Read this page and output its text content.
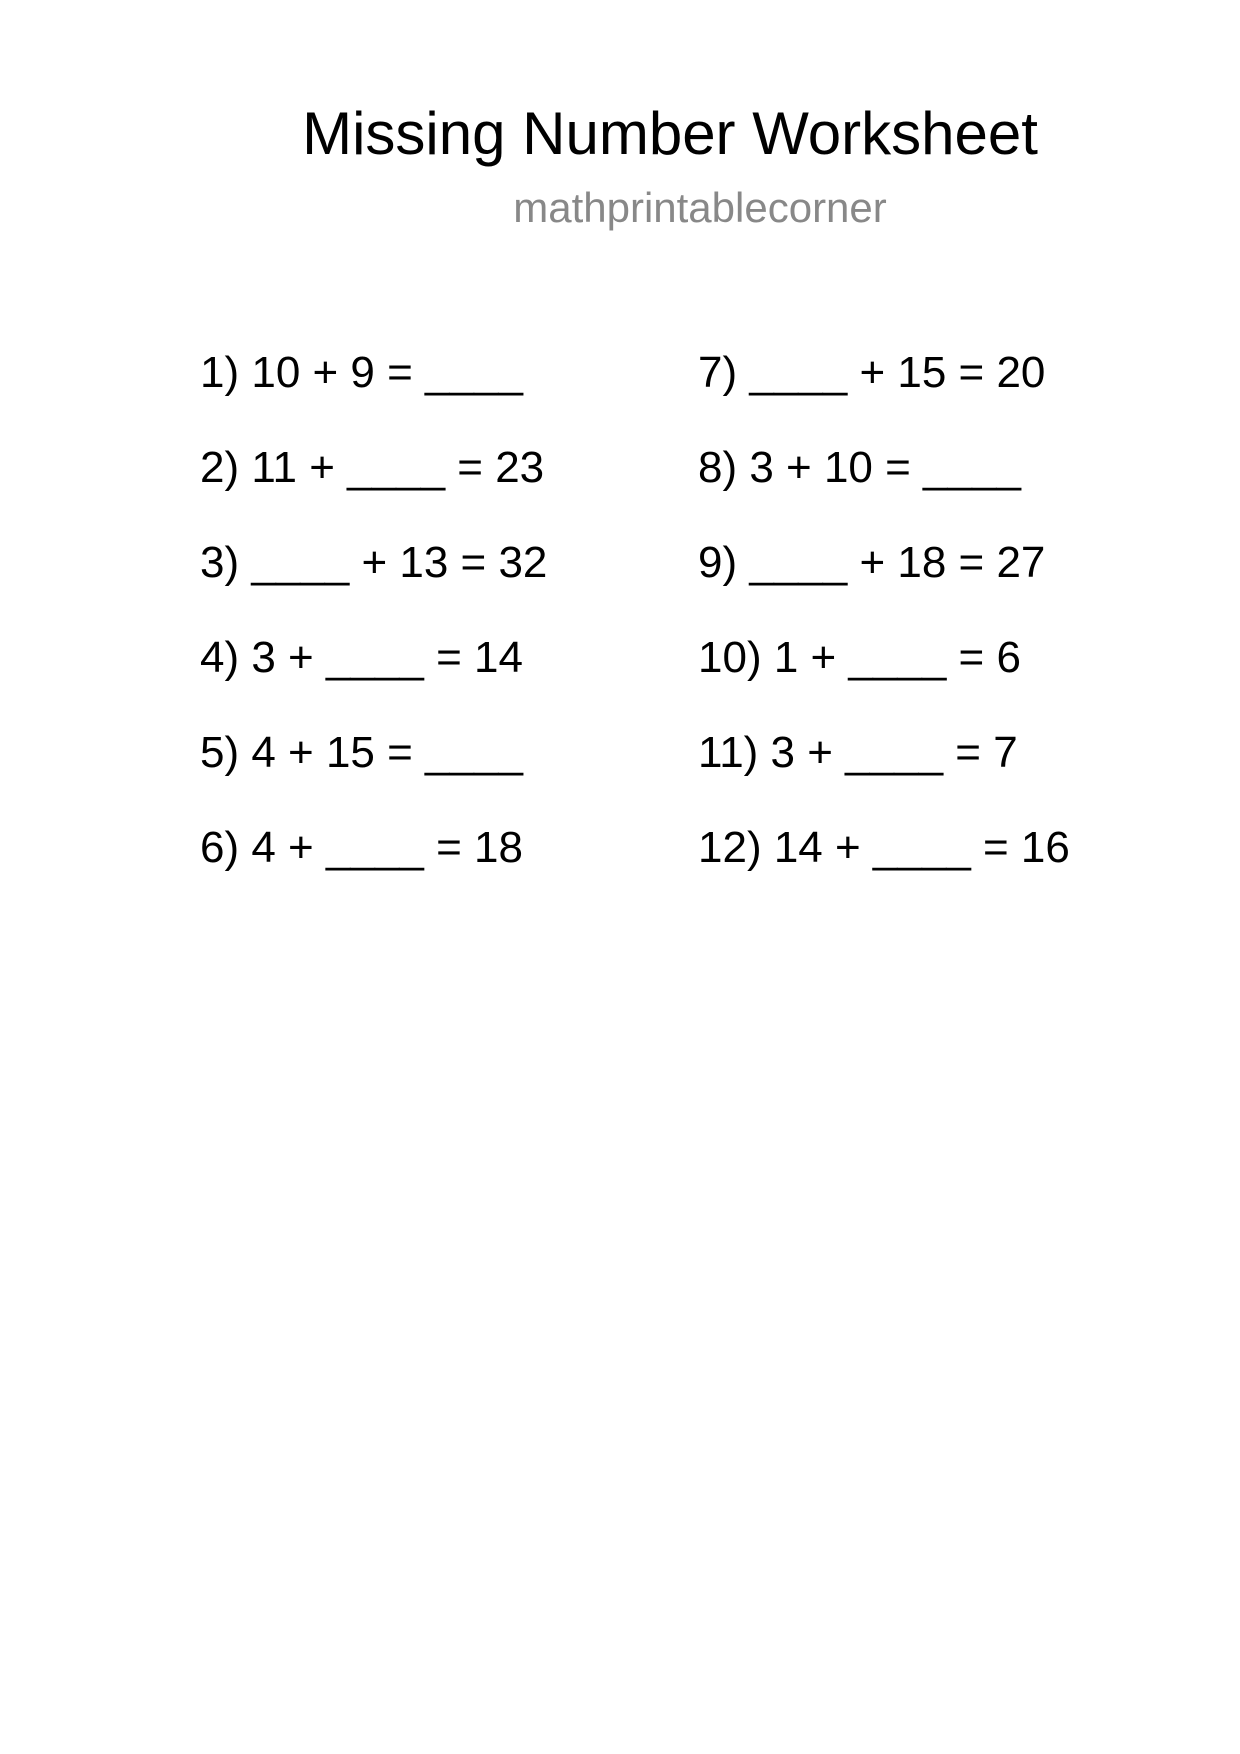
Missing Number Worksheet
mathprintablecorner
1) 10 + 9 = ____
2) 11 + ____ = 23
3) ____ + 13 = 32
4) 3 + ____ = 14
5) 4 + 15 = ____
6) 4 + ____ = 18
7) ____ + 15 = 20
8) 3 + 10 = ____
9) ____ + 18 = 27
10) 1 + ____ = 6
11) 3 + ____ = 7
12) 14 + ____ = 16
